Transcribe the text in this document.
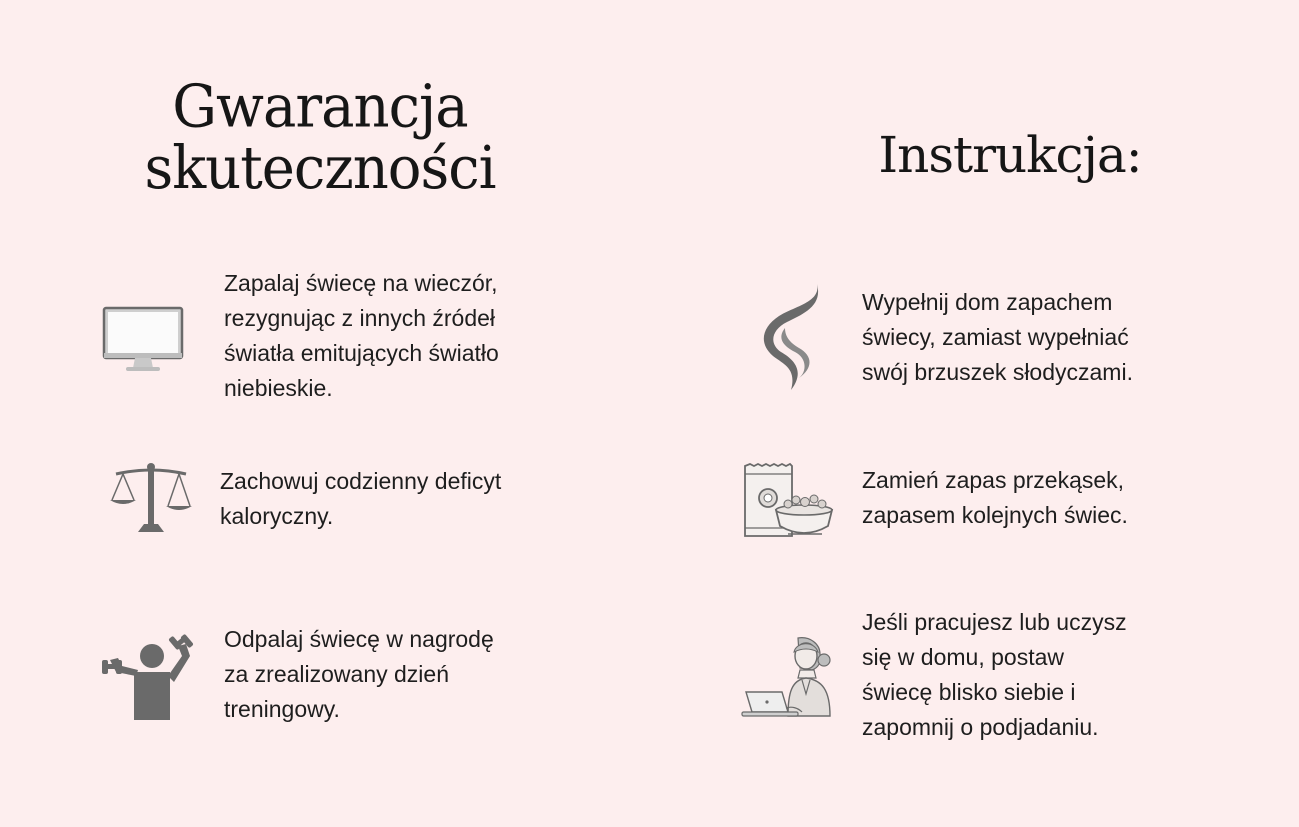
Gwarancja
skuteczności	Instrukcja:

Zapalaj świecę na wieczór,
rezygnując z innych źródeł
światła emitujących światło
niebieskie.

Zachowuj codzienny deficyt
kaloryczny.

Odpalaj świecę w nagrodę
za zrealizowany dzień
treningowy.

Wypełnij dom zapachem
świecy, zamiast wypełniać
swój brzuszek słodyczami.

Zamień zapas przekąsek,
zapasem kolejnych świec.

Jeśli pracujesz lub uczysz
się w domu, postaw
świecę blisko siebie i
zapomnij o podjadaniu.
